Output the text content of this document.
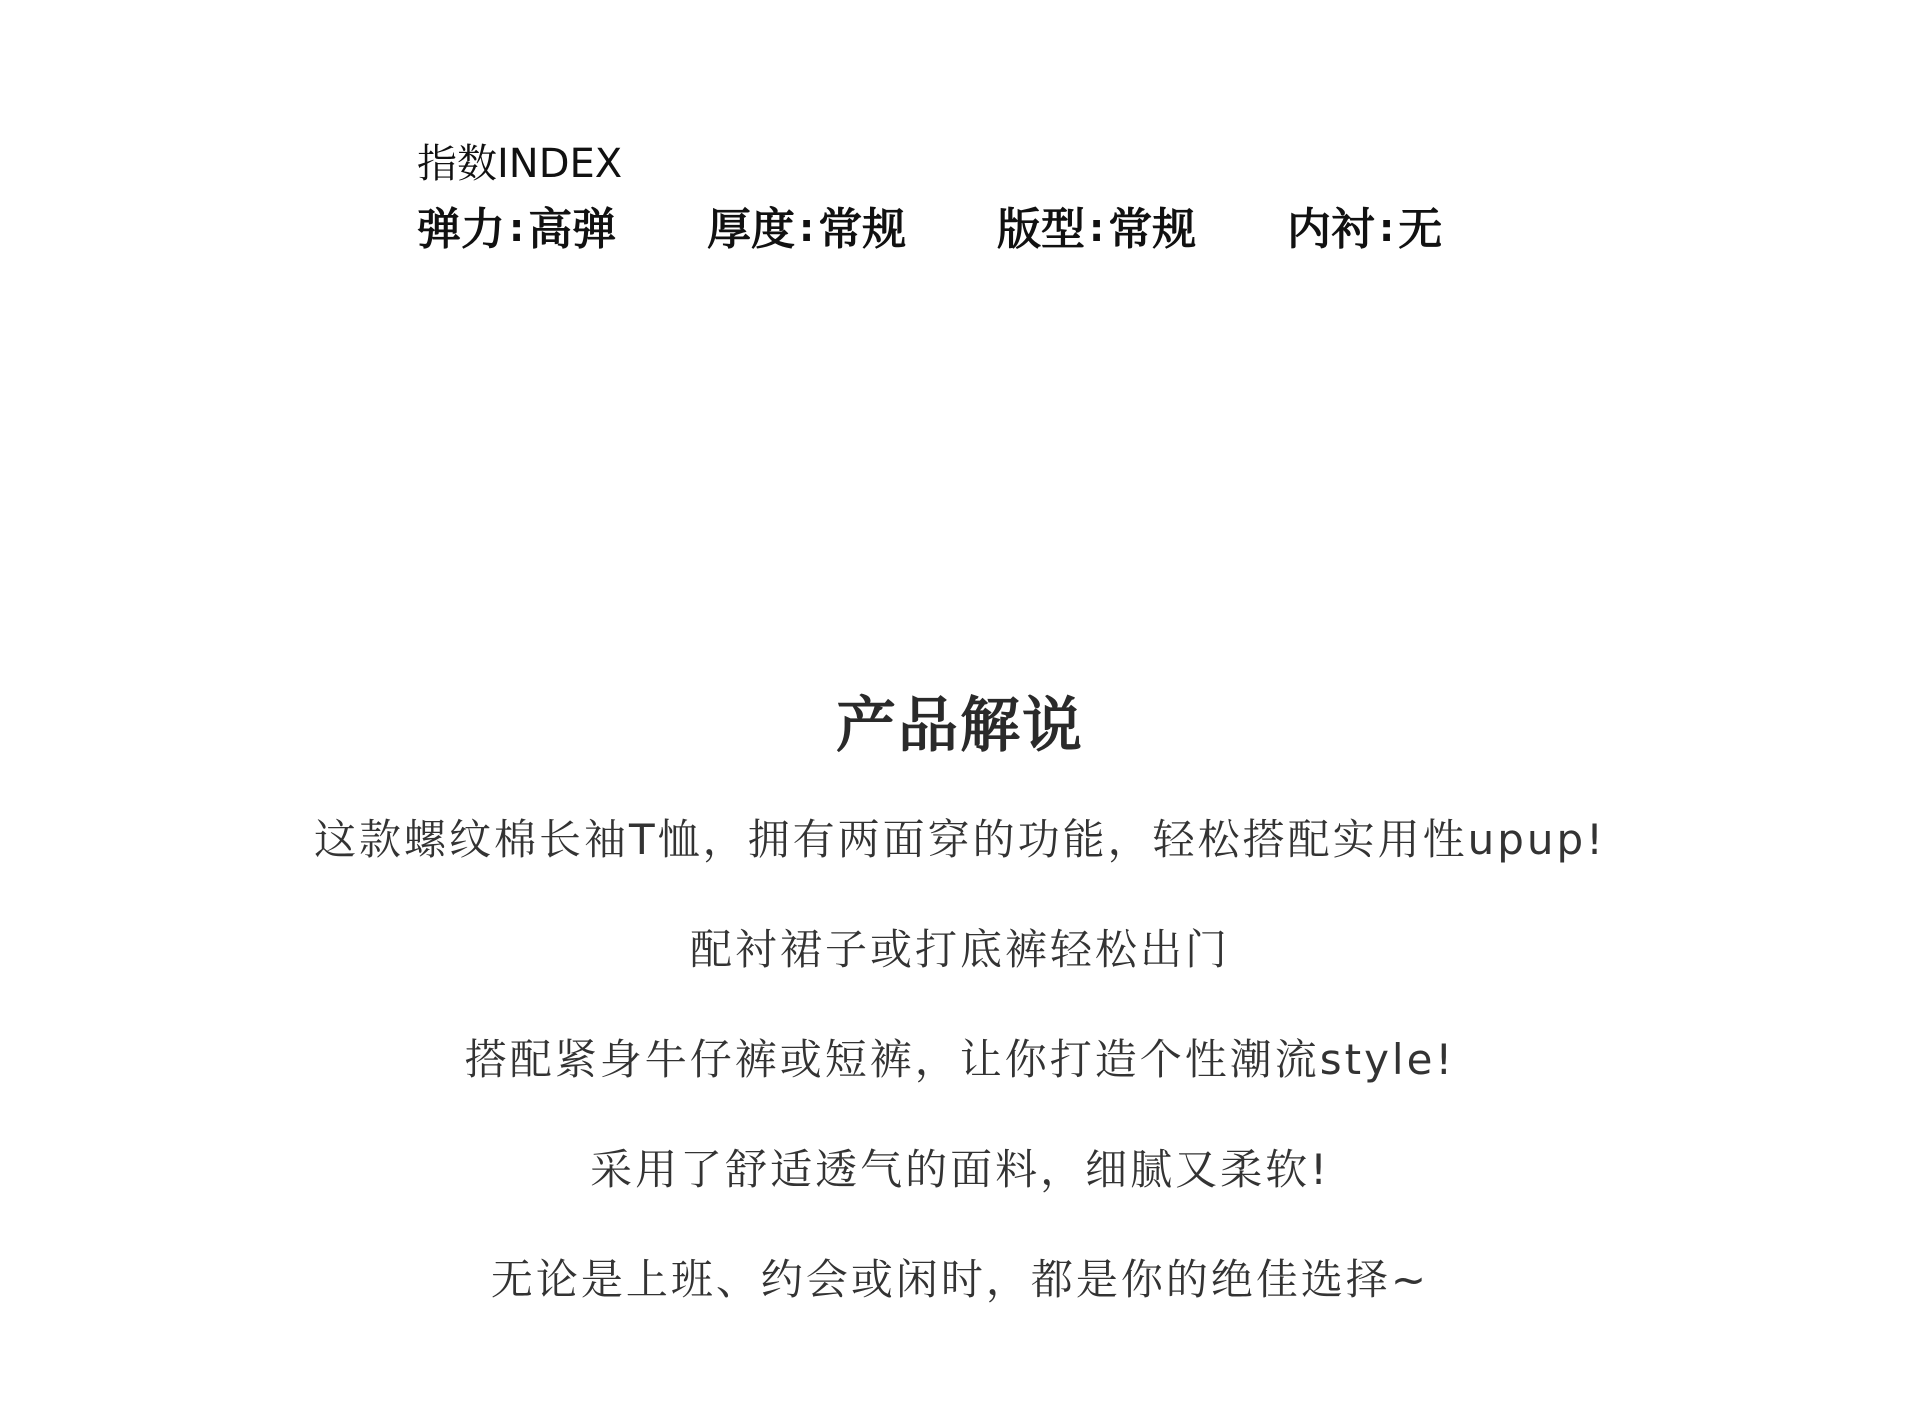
指数INDEX
弹力 :高弹 厚度 :常规 版型 :常规 内衬 :无
产品解说
这款螺纹棉长袖T恤，拥有两面穿的功能，轻松搭配实用性upup!
配衬裙子或打底裤轻松出门
搭配紧身牛仔裤或短裤，让你打造个性潮流style!
采用了舒适透气的面料，细腻又柔软!
无论是上班、约会或闲时，都是你的绝佳选择~
